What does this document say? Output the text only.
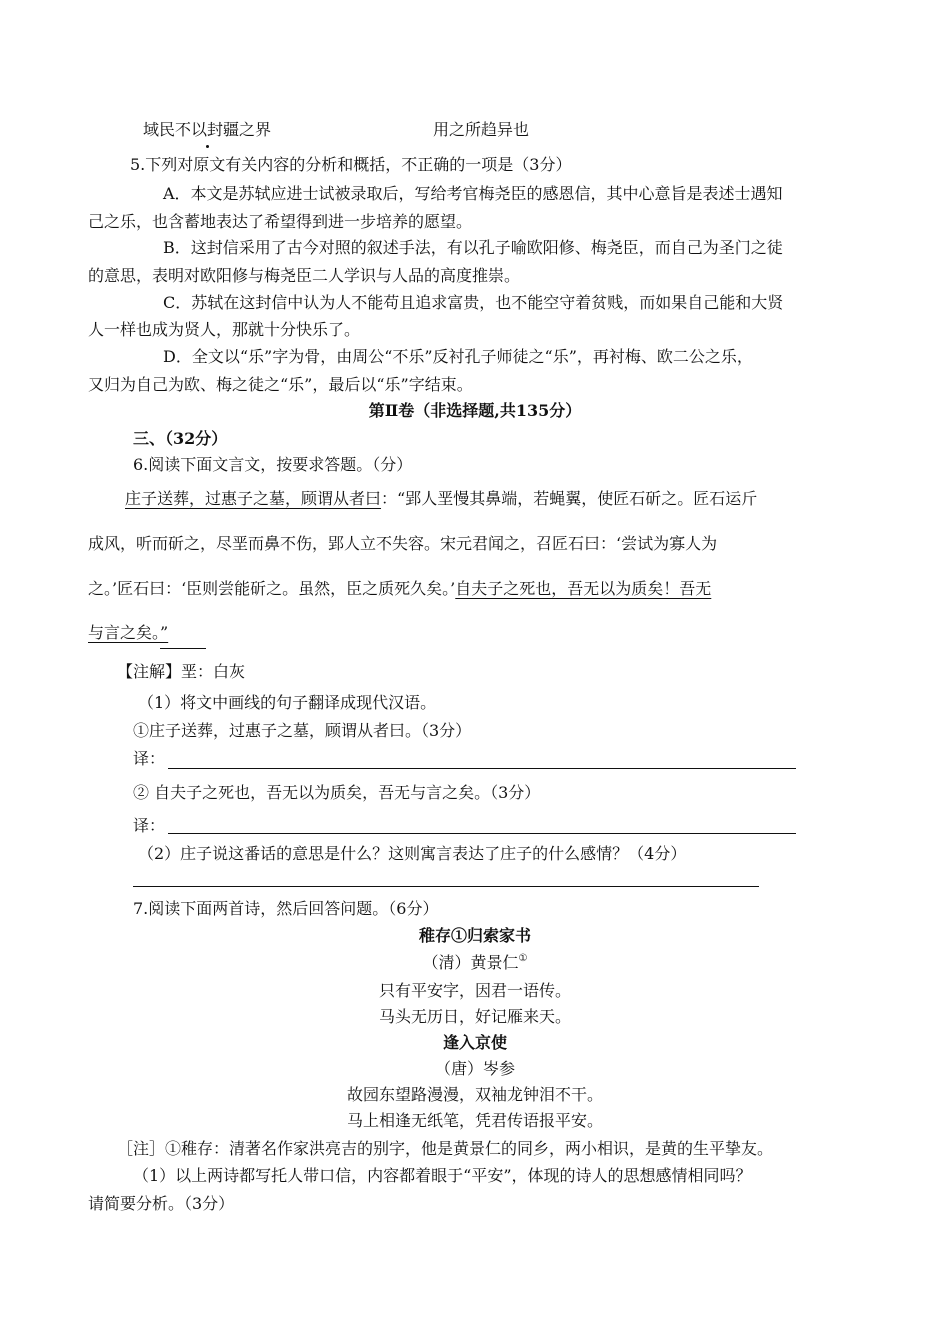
域民不以封疆之界	用之所趋异也
5.下列对原文有关内容的分析和概括，不正确的一项是（3分）
A．本文是苏轼应进士试被录取后，写给考官梅尧臣的感恩信，其中心意旨是表述士遇知
己之乐，也含蓄地表达了希望得到进一步培养的愿望。
B．这封信采用了古今对照的叙述手法，有以孔子喻欧阳修、梅尧臣，而自己为圣门之徒
的意思，表明对欧阳修与梅尧臣二人学识与人品的高度推崇。
C．苏轼在这封信中认为人不能苟且追求富贵，也不能空守着贫贱，而如果自己能和大贤
人一样也成为贤人，那就十分快乐了。
D．全文以“乐”字为骨，由周公“不乐”反衬孔子师徒之“乐”，再衬梅、欧二公之乐，
又归为自己为欧、梅之徒之“乐”，最后以“乐”字结束。
第Ⅱ卷（非选择题,共135分）
三、（32分）
6.阅读下面文言文，按要求答题。（分）
庄子送葬，过惠子之墓，顾谓从者曰：“郢人垩慢其鼻端，若蝇翼，使匠石斫之。匠石运斤
成风，听而斫之，尽垩而鼻不伤，郢人立不失容。宋元君闻之，召匠石曰：‘尝试为寡人为
之。’匠石曰：‘臣则尝能斫之。虽然，臣之质死久矣。’自夫子之死也，吾无以为质矣！吾无
与言之矣。”
【注解】垩：白灰
（1）将文中画线的句子翻译成现代汉语。
①庄子送葬，过惠子之墓，顾谓从者曰。（3分）
译：
② 自夫子之死也，吾无以为质矣，吾无与言之矣。（3分）
译：
（2）庄子说这番话的意思是什么？这则寓言表达了庄子的什么感情？（4分）
7.阅读下面两首诗，然后回答问题。（6分）
稚存①归索家书
（清）黄景仁①
只有平安字，因君一语传。
马头无历日，好记雁来天。
逢入京使
（唐）岑参
故园东望路漫漫，双袖龙钟泪不干。
马上相逢无纸笔，凭君传语报平安。
［注］①稚存：清著名作家洪亮吉的别字，他是黄景仁的同乡，两小相识，是黄的生平挚友。
（1）以上两诗都写托人带口信，内容都着眼于“平安”，体现的诗人的思想感情相同吗？
请简要分析。（3分）
